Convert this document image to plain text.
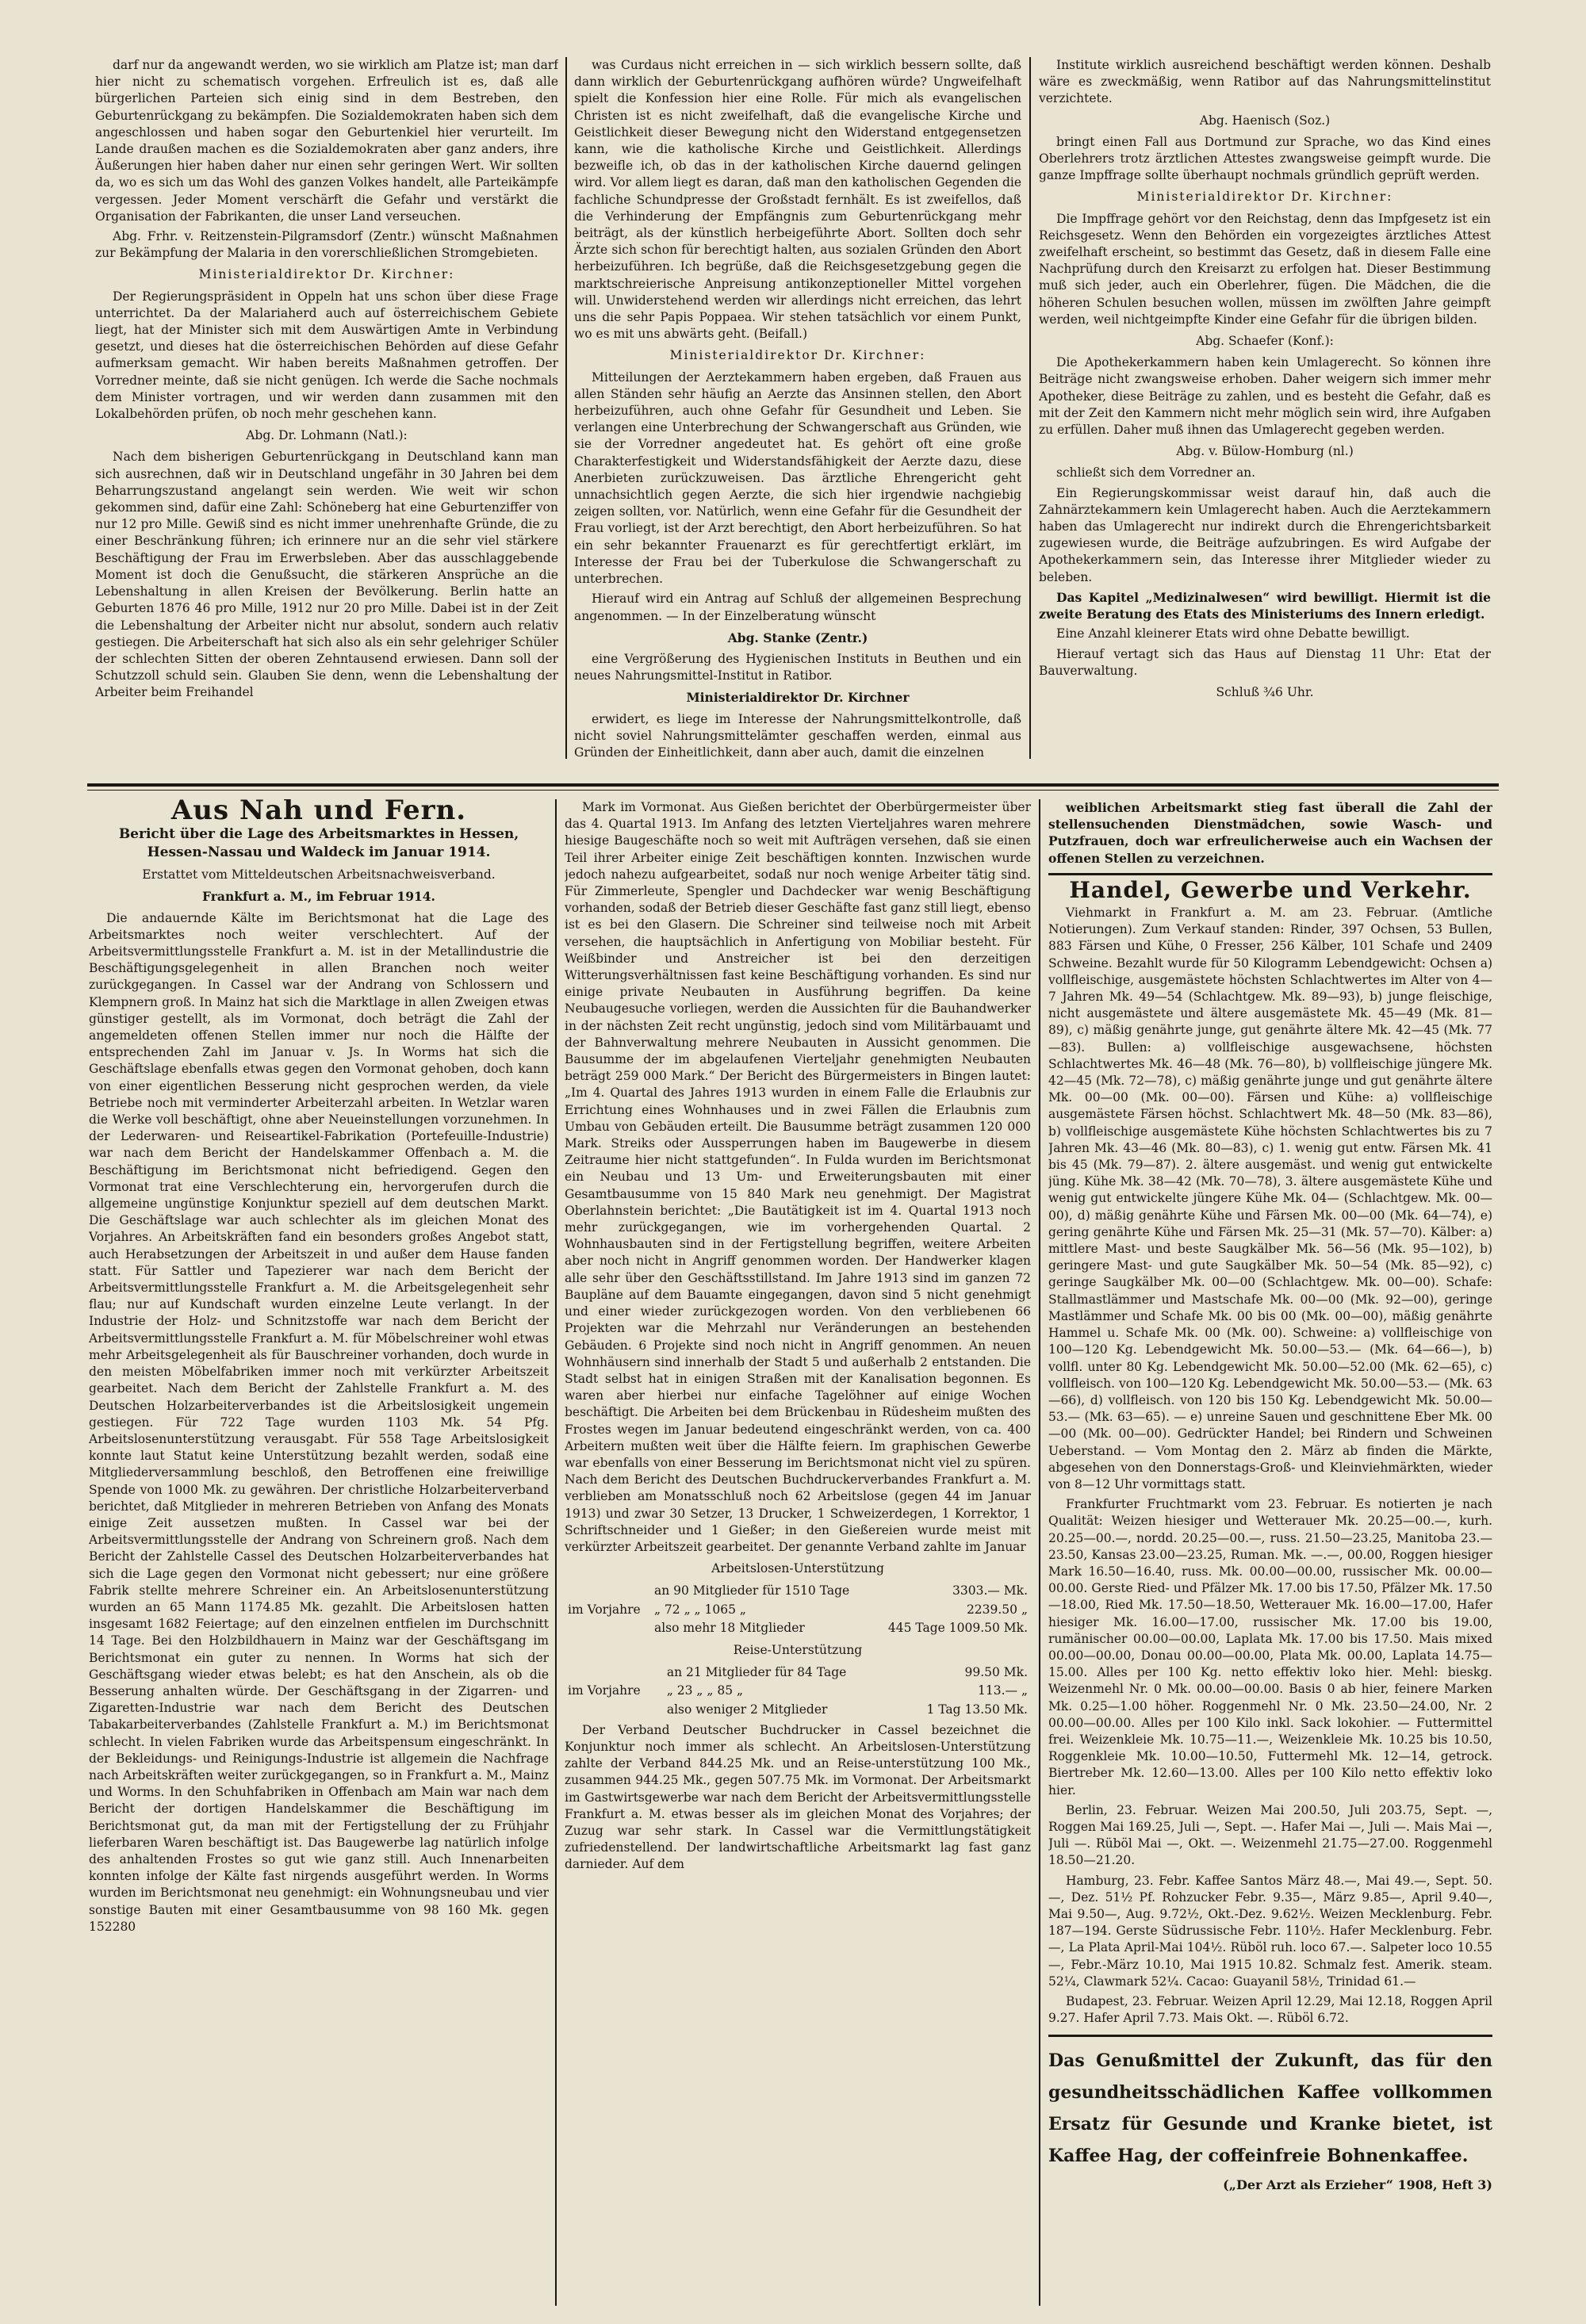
darf nur da angewandt werden, wo sie wirklich am Platze ist; man darf hier nicht zu schematisch vorgehen. Erfreulich ist es, daß alle bürgerlichen Parteien sich einig sind in dem Bestreben, den Geburtenrückgang zu bekämpfen. Die Sozialdemokraten haben sich dem angeschlossen und haben sogar den Geburtenkiel hier verurteilt. Im Lande draußen machen es die Sozialdemokraten aber ganz anders, ihre Äußerungen hier haben daher nur einen sehr geringen Wert. Wir sollten da, wo es sich um das Wohl des ganzen Volkes handelt, alle Parteikämpfe vergessen. Jeder Moment verschärft die Gefahr und verstärkt die Organisation der Fabrikanten, die unser Land verseuchen.

Abg. Frhr. v. Reitzenstein-Pilgramsdorf (Zentr.) wünscht Maßnahmen zur Bekämpfung der Malaria in den vorerschließlichen Stromgebieten.

Ministerialdirektor Dr. Kirchner:

Der Regierungspräsident in Oppeln hat uns schon über diese Frage unterrichtet. Da der Malariaherd auch auf österreichischem Gebiete liegt, hat der Minister sich mit dem Auswärtigen Amte in Verbindung gesetzt, und dieses hat die österreichischen Behörden auf diese Gefahr aufmerksam gemacht. Wir haben bereits Maßnahmen getroffen. Der Vorredner meinte, daß sie nicht genügen. Ich werde die Sache nochmals dem Minister vortragen, und wir werden dann zusammen mit den Lokalbehörden prüfen, ob noch mehr geschehen kann.

Abg. Dr. Lohmann (Natl.):

Nach dem bisherigen Geburtenrückgang in Deutschland kann man sich ausrechnen, daß wir in Deutschland ungefähr in 30 Jahren bei dem Beharrungszustand angelangt sein werden. Wie weit wir schon gekommen sind, dafür eine Zahl: Schöneberg hat eine Geburtenziffer von nur 12 pro Mille. Gewiß sind es nicht immer unehrenhafte Gründe, die zu einer Beschränkung führen; ich erinnere nur an die sehr viel stärkere Beschäftigung der Frau im Erwerbsleben. Aber das ausschlaggebende Moment ist doch die Genußsucht, die stärkeren Ansprüche an die Lebenshaltung in allen Kreisen der Bevölkerung. Berlin hatte an Geburten 1876 46 pro Mille, 1912 nur 20 pro Mille. Dabei ist in der Zeit die Lebenshaltung der Arbeiter nicht nur absolut, sondern auch relativ gestiegen. Die Arbeiterschaft hat sich also als ein sehr gelehriger Schüler der schlechten Sitten der oberen Zehntausend erwiesen. Dann soll der Schutzzoll schuld sein. Glauben Sie denn, wenn die Lebenshaltung der Arbeiter beim Freihandel

was Curdaus nicht erreichen in — sich wirklich bessern sollte, daß dann wirklich der Geburtenrückgang aufhören würde? Ungweifelhaft spielt die Konfession hier eine Rolle. Für mich als evangelischen Christen ist es nicht zweifelhaft, daß die evangelische Kirche und Geistlichkeit dieser Bewegung nicht den Widerstand entgegensetzen kann, wie die katholische Kirche und Geistlichkeit. Allerdings bezweifle ich, ob das in der katholischen Kirche dauernd gelingen wird. Vor allem liegt es daran, daß man den katholischen Gegenden die fachliche Schundpresse der Großstadt fernhält. Es ist zweifellos, daß die Verhinderung der Empfängnis zum Geburtenrückgang mehr beiträgt, als der künstlich herbeigeführte Abort. Sollten doch sehr Ärzte sich schon für berechtigt halten, aus sozialen Gründen den Abort herbeizuführen. Ich begrüße, daß die Reichsgesetzgebung gegen die marktschreierische Anpreisung antikonzeptioneller Mittel vorgehen will. Unwiderstehend werden wir allerdings nicht erreichen, das lehrt uns die sehr Papis Poppaea. Wir stehen tatsächlich vor einem Punkt, wo es mit uns abwärts geht. (Beifall.)

Ministerialdirektor Dr. Kirchner:

Mitteilungen der Aerztekammern haben ergeben, daß Frauen aus allen Ständen sehr häufig an Aerzte das Ansinnen stellen, den Abort herbeizuführen, auch ohne Gefahr für Gesundheit und Leben. Sie verlangen eine Unterbrechung der Schwangerschaft aus Gründen, wie sie der Vorredner angedeutet hat. Es gehört oft eine große Charakterfestigkeit und Widerstandsfähigkeit der Aerzte dazu, diese Anerbieten zurückzuweisen. Das ärztliche Ehrengericht geht unnachsichtlich gegen Aerzte, die sich hier irgendwie nachgiebig zeigen sollten, vor. Natürlich, wenn eine Gefahr für die Gesundheit der Frau vorliegt, ist der Arzt berechtigt, den Abort herbeizuführen. So hat ein sehr bekannter Frauenarzt es für gerechtfertigt erklärt, im Interesse der Frau bei der Tuberkulose die Schwangerschaft zu unterbrechen.

Hierauf wird ein Antrag auf Schluß der allgemeinen Besprechung angenommen. — In der Einzelberatung wünscht

Abg. Stanke (Zentr.)

eine Vergrößerung des Hygienischen Instituts in Beuthen und ein neues Nahrungsmittel-Institut in Ratibor.

Ministerialdirektor Dr. Kirchner

erwidert, es liege im Interesse der Nahrungsmittelkontrolle, daß nicht soviel Nahrungsmittelämter geschaffen werden, einmal aus Gründen der Einheitlichkeit, dann aber auch, damit die einzelnen

Institute wirklich ausreichend beschäftigt werden können. Deshalb wäre es zweckmäßig, wenn Ratibor auf das Nahrungsmittelinstitut verzichtete.

Abg. Haenisch (Soz.)

bringt einen Fall aus Dortmund zur Sprache, wo das Kind eines Oberlehrers trotz ärztlichen Attestes zwangsweise geimpft wurde. Die ganze Impffrage sollte überhaupt nochmals gründlich geprüft werden.

Ministerialdirektor Dr. Kirchner:

Die Impffrage gehört vor den Reichstag, denn das Impfgesetz ist ein Reichsgesetz. Wenn den Behörden ein vorgezeigtes ärztliches Attest zweifelhaft erscheint, so bestimmt das Gesetz, daß in diesem Falle eine Nachprüfung durch den Kreisarzt zu erfolgen hat. Dieser Bestimmung muß sich jeder, auch ein Oberlehrer, fügen. Die Mädchen, die die höheren Schulen besuchen wollen, müssen im zwölften Jahre geimpft werden, weil nichtgeimpfte Kinder eine Gefahr für die übrigen bilden.

Abg. Schaefer (Konf.):

Die Apothekerkammern haben kein Umlagerecht. So können ihre Beiträge nicht zwangsweise erhoben. Daher weigern sich immer mehr Apotheker, diese Beiträge zu zahlen, und es besteht die Gefahr, daß es mit der Zeit den Kammern nicht mehr möglich sein wird, ihre Aufgaben zu erfüllen. Daher muß ihnen das Umlagerecht gegeben werden.

Abg. v. Bülow-Homburg (nl.)

schließt sich dem Vorredner an.

Ein Regierungskommissar weist darauf hin, daß auch die Zahnärztekammern kein Umlagerecht haben. Auch die Aerztekammern haben das Umlagerecht nur indirekt durch die Ehrengerichtsbarkeit zugewiesen wurde, die Beiträge aufzubringen. Es wird Aufgabe der Apothekerkammern sein, das Interesse ihrer Mitglieder wieder zu beleben.

Das Kapitel „Medizinalwesen“ wird bewilligt. Hiermit ist die zweite Beratung des Etats des Ministeriums des Innern erledigt.

Eine Anzahl kleinerer Etats wird ohne Debatte bewilligt.

Hierauf vertagt sich das Haus auf Dienstag 11 Uhr: Etat der Bauverwaltung.

Schluß ¾6 Uhr.

Aus Nah und Fern.
Bericht über die Lage des Arbeitsmarktes in Hessen, Hessen-Nassau und Waldeck im Januar 1914.

Erstattet vom Mitteldeutschen Arbeitsnachweisverband.

Frankfurt a. M., im Februar 1914.

Die andauernde Kälte im Berichtsmonat hat die Lage des Arbeitsmarktes noch weiter verschlechtert. Auf der Arbeitsvermittlungsstelle Frankfurt a. M. ist in der Metallindustrie die Beschäftigungsgelegenheit in allen Branchen noch weiter zurückgegangen. In Cassel war der Andrang von Schlossern und Klempnern groß. In Mainz hat sich die Marktlage in allen Zweigen etwas günstiger gestellt, als im Vormonat, doch beträgt die Zahl der angemeldeten offenen Stellen immer nur noch die Hälfte der entsprechenden Zahl im Januar v. Js. In Worms hat sich die Geschäftslage ebenfalls etwas gegen den Vormonat gehoben, doch kann von einer eigentlichen Besserung nicht gesprochen werden, da viele Betriebe noch mit verminderter Arbeiterzahl arbeiten. In Wetzlar waren die Werke voll beschäftigt, ohne aber Neueinstellungen vorzunehmen. In der Lederwaren- und Reiseartikel-Fabrikation (Portefeuille-Industrie) war nach dem Bericht der Handelskammer Offenbach a. M. die Beschäftigung im Berichtsmonat nicht befriedigend. Gegen den Vormonat trat eine Verschlechterung ein, hervorgerufen durch die allgemeine ungünstige Konjunktur speziell auf dem deutschen Markt. Die Geschäftslage war auch schlechter als im gleichen Monat des Vorjahres. An Arbeitskräften fand ein besonders großes Angebot statt, auch Herabsetzungen der Arbeitszeit in und außer dem Hause fanden statt. Für Sattler und Tapezierer war nach dem Bericht der Arbeitsvermittlungsstelle Frankfurt a. M. die Arbeitsgelegenheit sehr flau; nur auf Kundschaft wurden einzelne Leute verlangt. In der Industrie der Holz- und Schnitzstoffe war nach dem Bericht der Arbeitsvermittlungsstelle Frankfurt a. M. für Möbelschreiner wohl etwas mehr Arbeitsgelegenheit als für Bauschreiner vorhanden, doch wurde in den meisten Möbelfabriken immer noch mit verkürzter Arbeitszeit gearbeitet. Nach dem Bericht der Zahlstelle Frankfurt a. M. des Deutschen Holzarbeiterverbandes ist die Arbeitslosigkeit ungemein gestiegen. Für 722 Tage wurden 1103 Mk. 54 Pfg. Arbeitslosenunterstützung verausgabt. Für 558 Tage Arbeitslosigkeit konnte laut Statut keine Unterstützung bezahlt werden, sodaß eine Mitgliederversammlung beschloß, den Betroffenen eine freiwillige Spende von 1000 Mk. zu gewähren. Der christliche Holzarbeiterverband berichtet, daß Mitglieder in mehreren Betrieben von Anfang des Monats einige Zeit aussetzen mußten. In Cassel war bei der Arbeitsvermittlungsstelle der Andrang von Schreinern groß. Nach dem Bericht der Zahlstelle Cassel des Deutschen Holzarbeiterverbandes hat sich die Lage gegen den Vormonat nicht gebessert; nur eine größere Fabrik stellte mehrere Schreiner ein. An Arbeitslosenunterstützung wurden an 65 Mann 1174.85 Mk. gezahlt. Die Arbeitslosen hatten insgesamt 1682 Feiertage; auf den einzelnen entfielen im Durchschnitt 14 Tage. Bei den Holzbildhauern in Mainz war der Geschäftsgang im Berichtsmonat ein guter zu nennen. In Worms hat sich der Geschäftsgang wieder etwas belebt; es hat den Anschein, als ob die Besserung anhalten würde. Der Geschäftsgang in der Zigarren- und Zigaretten-Industrie war nach dem Bericht des Deutschen Tabakarbeiterverbandes (Zahlstelle Frankfurt a. M.) im Berichtsmonat schlecht. In vielen Fabriken wurde das Arbeitspensum eingeschränkt. In der Bekleidungs- und Reinigungs-Industrie ist allgemein die Nachfrage nach Arbeitskräften weiter zurückgegangen, so in Frankfurt a. M., Mainz und Worms. In den Schuhfabriken in Offenbach am Main war nach dem Bericht der dortigen Handelskammer die Beschäftigung im Berichtsmonat gut, da man mit der Fertigstellung der zu Frühjahr lieferbaren Waren beschäftigt ist. Das Baugewerbe lag natürlich infolge des anhaltenden Frostes so gut wie ganz still. Auch Innenarbeiten konnten infolge der Kälte fast nirgends ausgeführt werden. In Worms wurden im Berichtsmonat neu genehmigt: ein Wohnungsneubau und vier sonstige Bauten mit einer Gesamtbausumme von 98 160 Mk. gegen 152280

Mark im Vormonat. Aus Gießen berichtet der Oberbürgermeister über das 4. Quartal 1913. Im Anfang des letzten Vierteljahres waren mehrere hiesige Baugeschäfte noch so weit mit Aufträgen versehen, daß sie einen Teil ihrer Arbeiter einige Zeit beschäftigen konnten. Inzwischen wurde jedoch nahezu aufgearbeitet, sodaß nur noch wenige Arbeiter tätig sind. Für Zimmerleute, Spengler und Dachdecker war wenig Beschäftigung vorhanden, sodaß der Betrieb dieser Geschäfte fast ganz still liegt, ebenso ist es bei den Glasern. Die Schreiner sind teilweise noch mit Arbeit versehen, die hauptsächlich in Anfertigung von Mobiliar besteht. Für Weißbinder und Anstreicher ist bei den derzeitigen Witterungsverhältnissen fast keine Beschäftigung vorhanden. Es sind nur einige private Neubauten in Ausführung begriffen. Da keine Neubaugesuche vorliegen, werden die Aussichten für die Bauhandwerker in der nächsten Zeit recht ungünstig, jedoch sind vom Militärbauamt und der Bahnverwaltung mehrere Neubauten in Aussicht genommen. Die Bausumme der im abgelaufenen Vierteljahr genehmigten Neubauten beträgt 259 000 Mark.“ Der Bericht des Bürgermeisters in Bingen lautet: „Im 4. Quartal des Jahres 1913 wurden in einem Falle die Erlaubnis zur Errichtung eines Wohnhauses und in zwei Fällen die Erlaubnis zum Umbau von Gebäuden erteilt. Die Bausumme beträgt zusammen 120 000 Mark. Streiks oder Aussperrungen haben im Baugewerbe in diesem Zeitraume hier nicht stattgefunden“. In Fulda wurden im Berichtsmonat ein Neubau und 13 Um- und Erweiterungsbauten mit einer Gesamtbausumme von 15 840 Mark neu genehmigt. Der Magistrat Oberlahnstein berichtet: „Die Bautätigkeit ist im 4. Quartal 1913 noch mehr zurückgegangen, wie im vorhergehenden Quartal. 2 Wohnhausbauten sind in der Fertigstellung begriffen, weitere Arbeiten aber noch nicht in Angriff genommen worden. Der Handwerker klagen alle sehr über den Geschäftsstillstand. Im Jahre 1913 sind im ganzen 72 Baupläne auf dem Bauamte eingegangen, davon sind 5 nicht genehmigt und einer wieder zurückgezogen worden. Von den verbliebenen 66 Projekten war die Mehrzahl nur Veränderungen an bestehenden Gebäuden. 6 Projekte sind noch nicht in Angriff genommen. An neuen Wohnhäusern sind innerhalb der Stadt 5 und außerhalb 2 entstanden. Die Stadt selbst hat in einigen Straßen mit der Kanalisation begonnen. Es waren aber hierbei nur einfache Tagelöhner auf einige Wochen beschäftigt. Die Arbeiten bei dem Brückenbau in Rüdesheim mußten des Frostes wegen im Januar bedeutend eingeschränkt werden, von ca. 400 Arbeitern mußten weit über die Hälfte feiern. Im graphischen Gewerbe war ebenfalls von einer Besserung im Berichtsmonat nicht viel zu spüren. Nach dem Bericht des Deutschen Buchdruckerverbandes Frankfurt a. M. verblieben am Monatsschluß noch 62 Arbeitslose (gegen 44 im Januar 1913) und zwar 30 Setzer, 13 Drucker, 1 Schweizerdegen, 1 Korrektor, 1 Schriftschneider und 1 Gießer; in den Gießereien wurde meist mit verkürzter Arbeitszeit gearbeitet. Der genannte Verband zahlte im Januar

Arbeitslosen-Unterstützung

	an 90 Mitglieder für 1510 Tage	3303.— Mk.
im Vorjahre	„ 72 „ „ 1065 „	2239.50 „
	also mehr 18 Mitglieder	445 Tage 1009.50 Mk.

Reise-Unterstützung

	an 21 Mitglieder für 84 Tage	99.50 Mk.
im Vorjahre	„ 23 „ „ 85 „	113.— „
	also weniger 2 Mitglieder	1 Tag 13.50 Mk.

Der Verband Deutscher Buchdrucker in Cassel bezeichnet die Konjunktur noch immer als schlecht. An Arbeitslosen-Unterstützung zahlte der Verband 844.25 Mk. und an Reise-unterstützung 100 Mk., zusammen 944.25 Mk., gegen 507.75 Mk. im Vormonat. Der Arbeitsmarkt im Gastwirtsgewerbe war nach dem Bericht der Arbeitsvermittlungsstelle Frankfurt a. M. etwas besser als im gleichen Monat des Vorjahres; der Zuzug war sehr stark. In Cassel war die Vermittlungstätigkeit zufriedenstellend. Der landwirtschaftliche Arbeitsmarkt lag fast ganz darnieder. Auf dem

weiblichen Arbeitsmarkt stieg fast überall die Zahl der stellensuchenden Dienstmädchen, sowie Wasch- und Putzfrauen, doch war erfreulicherweise auch ein Wachsen der offenen Stellen zu verzeichnen.

Handel, Gewerbe und Verkehr.

Viehmarkt in Frankfurt a. M. am 23. Februar. (Amtliche Notierungen). Zum Verkauf standen: Rinder, 397 Ochsen, 53 Bullen, 883 Färsen und Kühe, 0 Fresser, 256 Kälber, 101 Schafe und 2409 Schweine. Bezahlt wurde für 50 Kilogramm Lebendgewicht: Ochsen a) vollfleischige, ausgemästete höchsten Schlachtwertes im Alter von 4—7 Jahren Mk. 49—54 (Schlachtgew. Mk. 89—93), b) junge fleischige, nicht ausgemästete und ältere ausgemästete Mk. 45—49 (Mk. 81—89), c) mäßig genährte junge, gut genährte ältere Mk. 42—45 (Mk. 77—83). Bullen: a) vollfleischige ausgewachsene, höchsten Schlachtwertes Mk. 46—48 (Mk. 76—80), b) vollfleischige jüngere Mk. 42—45 (Mk. 72—78), c) mäßig genährte junge und gut genährte ältere Mk. 00—00 (Mk. 00—00). Färsen und Kühe: a) vollfleischige ausgemästete Färsen höchst. Schlachtwert Mk. 48—50 (Mk. 83—86), b) vollfleischige ausgemästete Kühe höchsten Schlachtwertes bis zu 7 Jahren Mk. 43—46 (Mk. 80—83), c) 1. wenig gut entw. Färsen Mk. 41 bis 45 (Mk. 79—87). 2. ältere ausgemäst. und wenig gut entwickelte jüng. Kühe Mk. 38—42 (Mk. 70—78), 3. ältere ausgemästete Kühe und wenig gut entwickelte jüngere Kühe Mk. 04— (Schlachtgew. Mk. 00—00), d) mäßig genährte Kühe und Färsen Mk. 00—00 (Mk. 64—74), e) gering genährte Kühe und Färsen Mk. 25—31 (Mk. 57—70). Kälber: a) mittlere Mast- und beste Saugkälber Mk. 56—56 (Mk. 95—102), b) geringere Mast- und gute Saugkälber Mk. 50—54 (Mk. 85—92), c) geringe Saugkälber Mk. 00—00 (Schlachtgew. Mk. 00—00). Schafe: Stallmastlämmer und Mastschafe Mk. 00—00 (Mk. 92—00), geringe Mastlämmer und Schafe Mk. 00 bis 00 (Mk. 00—00), mäßig genährte Hammel u. Schafe Mk. 00 (Mk. 00). Schweine: a) vollfleischige von 100—120 Kg. Lebendgewicht Mk. 50.00—53.— (Mk. 64—66—), b) vollfl. unter 80 Kg. Lebendgewicht Mk. 50.00—52.00 (Mk. 62—65), c) vollfleisch. von 100—120 Kg. Lebendgewicht Mk. 50.00—53.— (Mk. 63—66), d) vollfleisch. von 120 bis 150 Kg. Lebendgewicht Mk. 50.00—53.— (Mk. 63—65). — e) unreine Sauen und geschnittene Eber Mk. 00—00 (Mk. 00—00). Gedrückter Handel; bei Rindern und Schweinen Ueberstand. — Vom Montag den 2. März ab finden die Märkte, abgesehen von den Donnerstags-Groß- und Kleinviehmärkten, wieder von 8—12 Uhr vormittags statt.

Frankfurter Fruchtmarkt vom 23. Februar. Es notierten je nach Qualität: Weizen hiesiger und Wetterauer Mk. 20.25—00.—, kurh. 20.25—00.—, nordd. 20.25—00.—, russ. 21.50—23.25, Manitoba 23.—23.50, Kansas 23.00—23.25, Ruman. Mk. —.—, 00.00, Roggen hiesiger Mark 16.50—16.40, russ. Mk. 00.00—00.00, russischer Mk. 00.00—00.00. Gerste Ried- und Pfälzer Mk. 17.00 bis 17.50, Pfälzer Mk. 17.50—18.00, Ried Mk. 17.50—18.50, Wetterauer Mk. 16.00—17.00, Hafer hiesiger Mk. 16.00—17.00, russischer Mk. 17.00 bis 19.00, rumänischer 00.00—00.00, Laplata Mk. 17.00 bis 17.50. Mais mixed 00.00—00.00, Donau 00.00—00.00, Plata Mk. 00.00, Laplata 14.75—15.00. Alles per 100 Kg. netto effektiv loko hier. Mehl: bieskg. Weizenmehl Nr. 0 Mk. 00.00—00.00. Basis 0 ab hier, feinere Marken Mk. 0.25—1.00 höher. Roggenmehl Nr. 0 Mk. 23.50—24.00, Nr. 2 00.00—00.00. Alles per 100 Kilo inkl. Sack lokohier. — Futtermittel frei. Weizenkleie Mk. 10.75—11.—, Weizenkleie Mk. 10.25 bis 10.50, Roggenkleie Mk. 10.00—10.50, Futtermehl Mk. 12—14, getrock. Biertreber Mk. 12.60—13.00. Alles per 100 Kilo netto effektiv loko hier.

Berlin, 23. Februar. Weizen Mai 200.50, Juli 203.75, Sept. —, Roggen Mai 169.25, Juli —, Sept. —. Hafer Mai —, Juli —. Mais Mai —, Juli —. Rüböl Mai —, Okt. —. Weizenmehl 21.75—27.00. Roggenmehl 18.50—21.20.

Hamburg, 23. Febr. Kaffee Santos März 48.—, Mai 49.—, Sept. 50.—, Dez. 51½ Pf. Rohzucker Febr. 9.35—, März 9.85—, April 9.40—, Mai 9.50—, Aug. 9.72½, Okt.-Dez. 9.62½. Weizen Mecklenburg. Febr. 187—194. Gerste Südrussische Febr. 110½. Hafer Mecklenburg. Febr. —, La Plata April-Mai 104½. Rüböl ruh. loco 67.—. Salpeter loco 10.55—, Febr.-März 10.10, Mai 1915 10.82. Schmalz fest. Amerik. steam. 52¼, Clawmark 52¼. Cacao: Guayanil 58½, Trinidad 61.—

Budapest, 23. Februar. Weizen April 12.29, Mai 12.18, Roggen April 9.27. Hafer April 7.73. Mais Okt. —. Rüböl 6.72.

Das Genußmittel der Zukunft, das für den gesundheitsschädlichen Kaffee vollkommen Ersatz für Gesunde und Kranke bietet, ist Kaffee Hag, der coffeinfreie Bohnenkaffee.

(„Der Arzt als Erzieher“ 1908, Heft 3)
